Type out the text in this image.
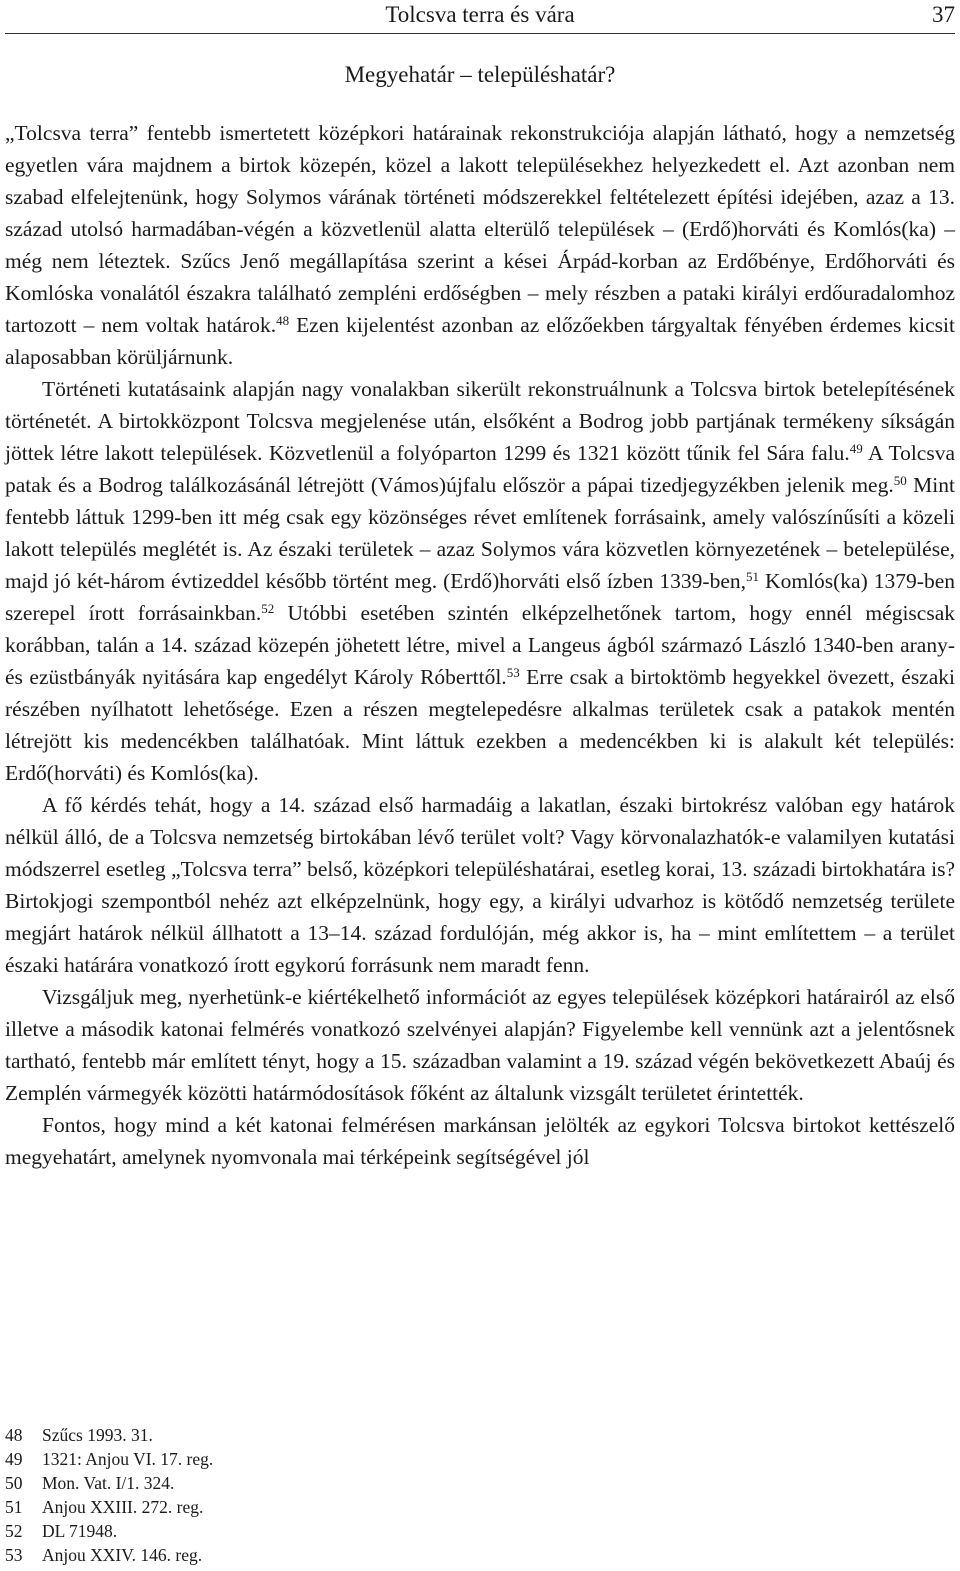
Tolcsva terra és vára	37
Megyehatár – településhatár?

„Tolcsva terra” fentebb ismertetett középkori határainak rekonstrukciója alapján látható, hogy a nemzetség egyetlen vára majdnem a birtok közepén, közel a lakott településekhez helyezkedett el. Azt azonban nem szabad elfelejtenünk, hogy Solymos várának történeti módszerekkel feltételezett építési idejében, azaz a 13. század utolsó harmadában-végén a közvetlenül alatta elterülő települések – (Erdő)horváti és Komlós(ka) – még nem léteztek. Szűcs Jenő megállapítása szerint a kései Árpád-korban az Erdőbénye, Erdőhorváti és Komlóska vonalától északra található zempléni erdőségben – mely részben a pataki királyi erdőuradalomhoz tartozott – nem voltak határok.$^{48}$ Ezen kijelentést azonban az előzőekben tárgyaltak fényében érdemes kicsit alaposabban körüljárnunk.

Történeti kutatásaink alapján nagy vonalakban sikerült rekonstruálnunk a Tolcsva birtok betelepítésének történetét. A birtokközpont Tolcsva megjelenése után, elsőként a Bodrog jobb partjának termékeny síkságán jöttek létre lakott települések. Közvetlenül a folyóparton 1299 és 1321 között tűnik fel Sára falu.$^{49}$ A Tolcsva patak és a Bodrog találkozásánál létrejött (Vámos)újfalu először a pápai tizedjegyzékben jelenik meg.$^{50}$ Mint fentebb láttuk 1299-ben itt még csak egy közönséges révet említenek forrásaink, amely valószínűsíti a közeli lakott település meglétét is. Az északi területek – azaz Solymos vára közvetlen környezetének – betelepülése, majd jó két-három évtizeddel később történt meg. (Erdő)horváti első ízben 1339-ben,$^{51}$ Komlós(ka) 1379-ben szerepel írott forrásainkban.$^{52}$ Utóbbi esetében szintén elképzelhetőnek tartom, hogy ennél mégiscsak korábban, talán a 14. század közepén jöhetett létre, mivel a Langeus ágból származó László 1340-ben arany- és ezüstbányák nyitására kap engedélyt Károly Róberttől.$^{53}$ Erre csak a birtoktömb hegyekkel övezett, északi részében nyílhatott lehetősége. Ezen a részen megtelepedésre alkalmas területek csak a patakok mentén létrejött kis medencékben találhatóak. Mint láttuk ezekben a medencékben ki is alakult két település: Erdő(horváti) és Komlós(ka).

A fő kérdés tehát, hogy a 14. század első harmadáig a lakatlan, északi birtokrész valóban egy határok nélkül álló, de a Tolcsva nemzetség birtokában lévő terület volt? Vagy körvonalazhatók-e valamilyen kutatási módszerrel esetleg „Tolcsva terra” belső, középkori településhatárai, esetleg korai, 13. századi birtokhatára is? Birtokjogi szempontból nehéz azt elképzelnünk, hogy egy, a királyi udvarhoz is kötődő nemzetség területe megjárt határok nélkül állhatott a 13–14. század fordulóján, még akkor is, ha – mint említettem – a terület északi határára vonatkozó írott egykorú forrásunk nem maradt fenn.

Vizsgáljuk meg, nyerhetünk-e kiértékelhető információt az egyes települések középkori határairól az első illetve a második katonai felmérés vonatkozó szelvényei alapján? Figyelembe kell vennünk azt a jelentősnek tartható, fentebb már említett tényt, hogy a 15. században valamint a 19. század végén bekövetkezett Abaúj és Zemplén vármegyék közötti határmódosítások főként az általunk vizsgált területet érintették.

Fontos, hogy mind a két katonai felmérésen markánsan jelölték az egykori Tolcsva birtokot kettészelő megyehatárt, amelynek nyomvonala mai térképeink segítségével jól

48	Szűcs 1993. 31.
49	1321: Anjou VI. 17. reg.
50	Mon. Vat. I/1. 324.
51	Anjou XXIII. 272. reg.
52	DL 71948.
53	Anjou XXIV. 146. reg.
